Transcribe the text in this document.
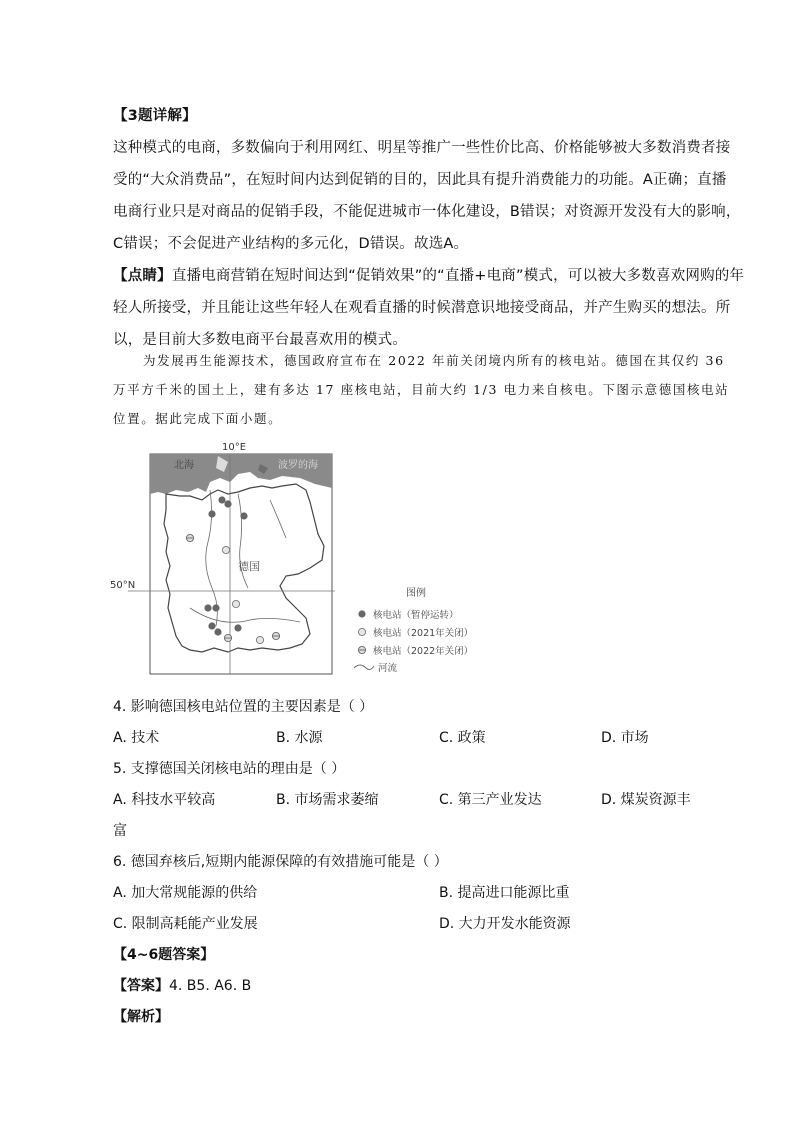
【3题详解】
这种模式的电商，多数偏向于利用网红、明星等推广一些性价比高、价格能够被大多数消费者接
受的“大众消费品”，在短时间内达到促销的目的，因此具有提升消费能力的功能。A正确；直播
电商行业只是对商品的促销手段，不能促进城市一体化建设，B错误；对资源开发没有大的影响，
C错误；不会促进产业结构的多元化，D错误。故选A。
【点睛】直播电商营销在短时间达到“促销效果”的“直播+电商”模式，可以被大多数喜欢网购的年
轻人所接受，并且能让这些年轻人在观看直播的时候潜意识地接受商品，并产生购买的想法。所
以，是目前大多数电商平台最喜欢用的模式。
为发展再生能源技术，德国政府宣布在 2022 年前关闭境内所有的核电站。德国在其仅约 36
万平方千米的国土上，建有多达 17 座核电站，目前大约 1/3 电力来自核电。下图示意德国核电站
位置。据此完成下面小题。
10°E
50°N
北海	波罗的海
德国
图例
核电站（暂停运转）
核电站（2021年关闭）
核电站（2022年关闭）
河流
4. 影响德国核电站位置的主要因素是（ ）
A. 技术	B. 水源	C. 政策	D. 市场
5. 支撑德国关闭核电站的理由是（ ）
A. 科技水平较高	B. 市场需求萎缩	C. 第三产业发达	D. 煤炭资源丰
富
6. 德国弃核后,短期内能源保障的有效措施可能是（ ）
A. 加大常规能源的供给	B. 提高进口能源比重
C. 限制高耗能产业发展	D. 大力开发水能资源
【4~6题答案】
【答案】4. B5. A6. B
【解析】
